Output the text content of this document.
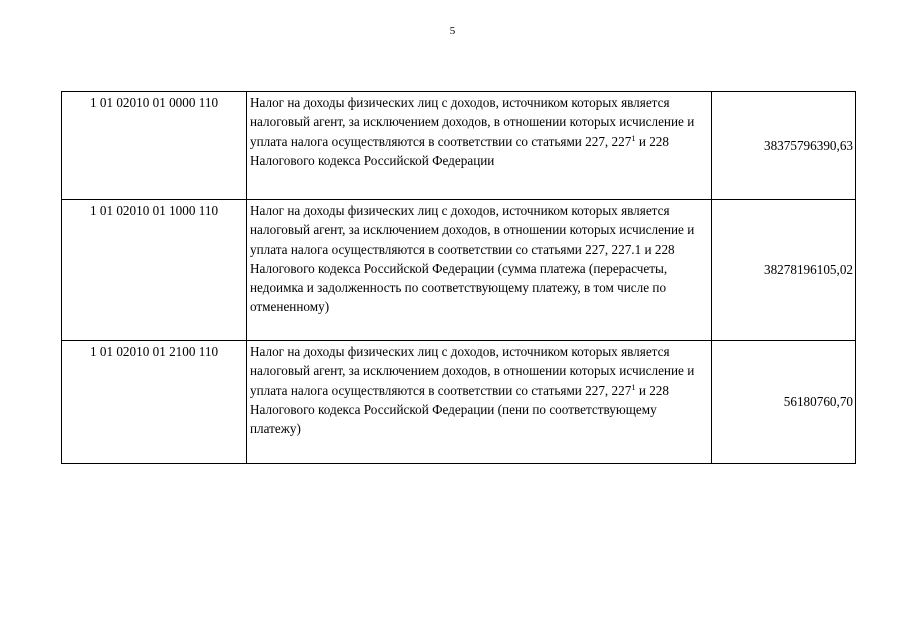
5
1 01 02010 01 0000 110	Налог на доходы физических лиц с доходов, источником которых является налоговый агент, за исключением доходов, в отношении которых исчисление и уплата налога осуществляются в соответствии со статьями 227, $227^1$ и 228 Налогового кодекса Российской Федерации	38375796390,63

1 01 02010 01 1000 110	Налог на доходы физических лиц с доходов, источником которых является налоговый агент, за исключением доходов, в отношении которых исчисление и уплата налога осуществляются в соответствии со статьями 227, 227.1 и 228 Налогового кодекса Российской Федерации (сумма платежа (перерасчеты, недоимка и задолженность по соответствующему платежу, в том числе по отмененному)	38278196105,02

1 01 02010 01 2100 110	Налог на доходы физических лиц с доходов, источником которых является налоговый агент, за исключением доходов, в отношении которых исчисление и уплата налога осуществляются в соответствии со статьями 227, $227^1$ и 228 Налогового кодекса Российской Федерации (пени по соответствующему платежу)	56180760,70
